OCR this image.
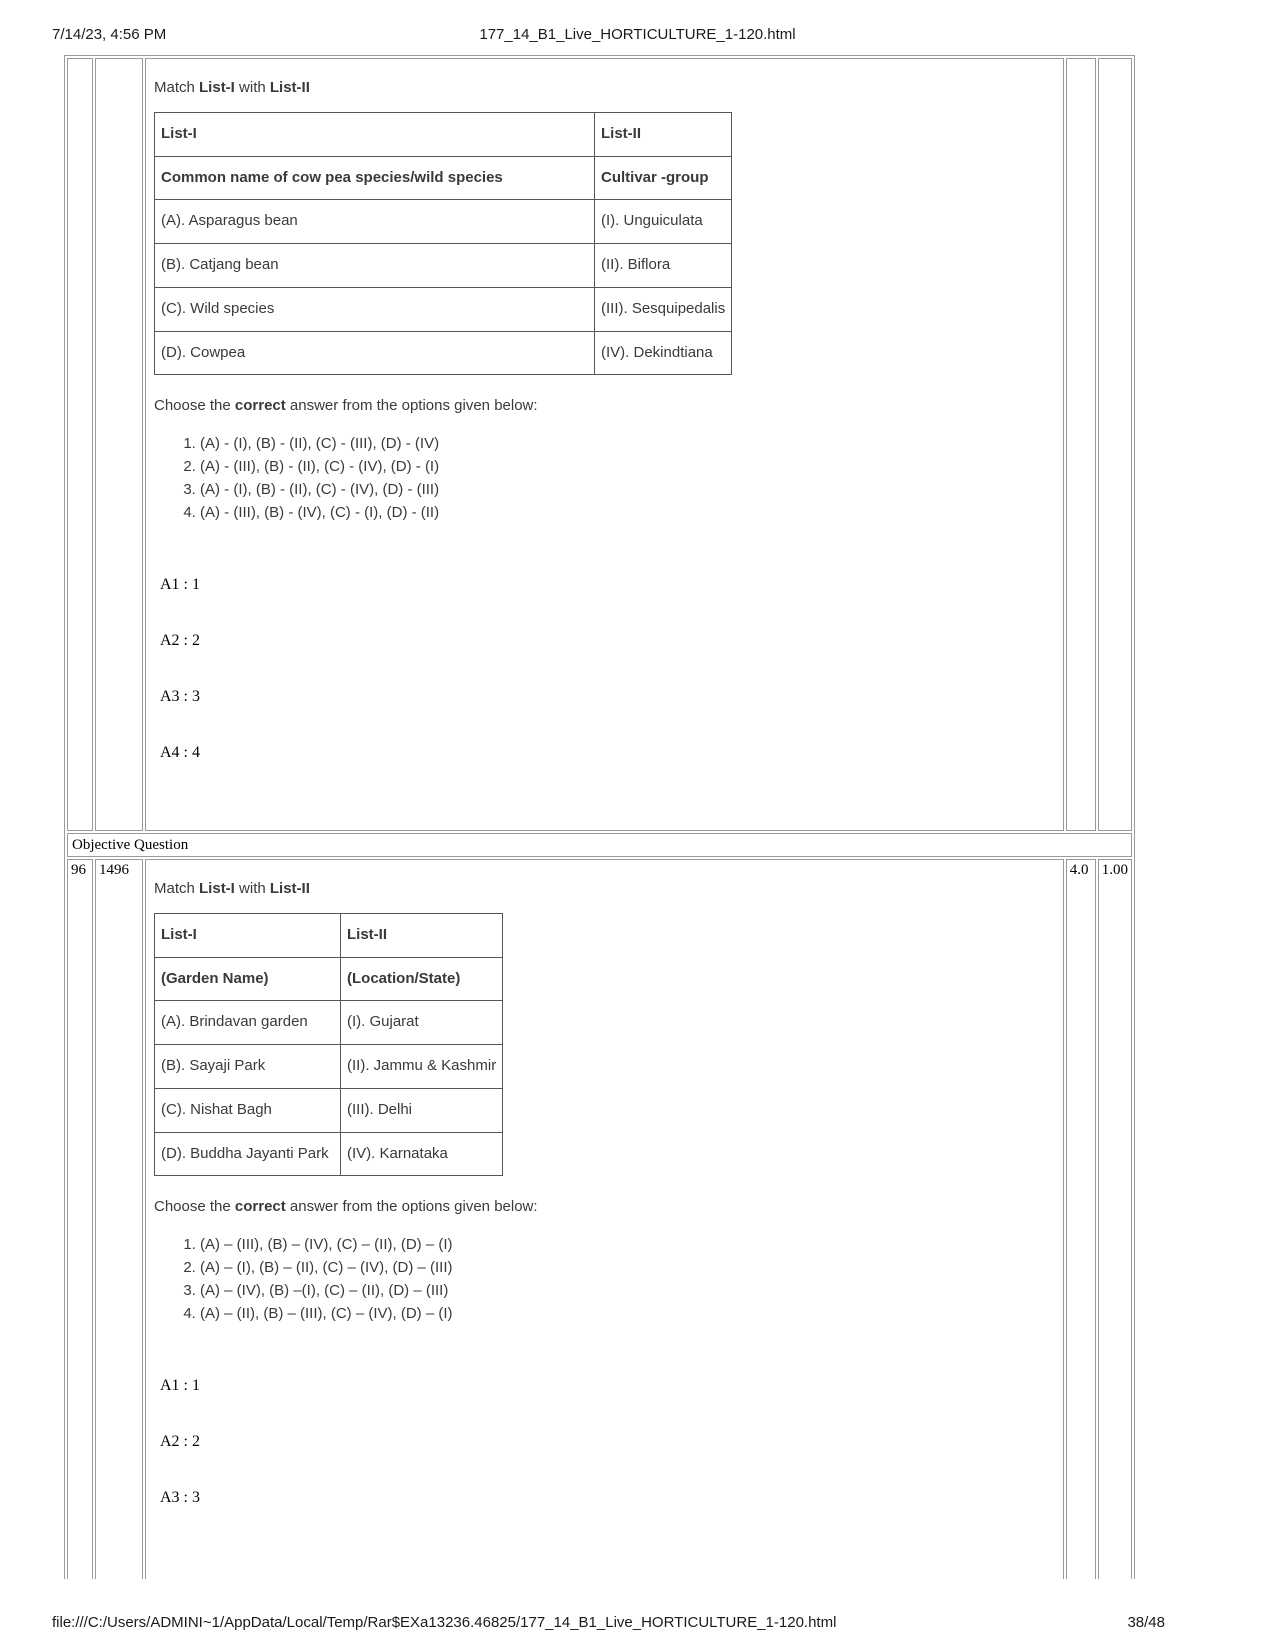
7/14/23, 4:56 PM	177_14_B1_Live_HORTICULTURE_1-120.html

Match List-I with List-II
List-I	List-II
Common name of cow pea species/wild species	Cultivar -group
(A). Asparagus bean	(I). Unguiculata
(B). Catjang bean	(II). Biflora
(C). Wild species	(III). Sesquipedalis
(D). Cowpea	(IV). Dekindtiana
Choose the correct answer from the options given below:
1. (A) - (I), (B) - (II), (C) - (III), (D) - (IV)
2. (A) - (III), (B) - (II), (C) - (IV), (D) - (I)
3. (A) - (I), (B) - (II), (C) - (IV), (D) - (III)
4. (A) - (III), (B) - (IV), (C) - (I), (D) - (II)
A1 : 1
A2 : 2
A3 : 3
A4 : 4

Objective Question
96	1496	
Match List-I with List-II
List-I	List-II
(Garden Name)	(Location/State)
(A). Brindavan garden	(I). Gujarat
(B). Sayaji Park	(II). Jammu & Kashmir
(C). Nishat Bagh	(III). Delhi
(D). Buddha Jayanti Park	(IV). Karnataka
Choose the correct answer from the options given below:
1. (A) – (III), (B) – (IV), (C) – (II), (D) – (I)
2. (A) – (I), (B) – (II), (C) – (IV), (D) – (III)
3. (A) – (IV), (B) –(I), (C) – (II), (D) – (III)
4. (A) – (II), (B) – (III), (C) – (IV), (D) – (I)
A1 : 1
A2 : 2
A3 : 3
	4.0	1.00
file:///C:/Users/ADMINI~1/AppData/Local/Temp/Rar$EXa13236.46825/177_14_B1_Live_HORTICULTURE_1-120.html	38/48
